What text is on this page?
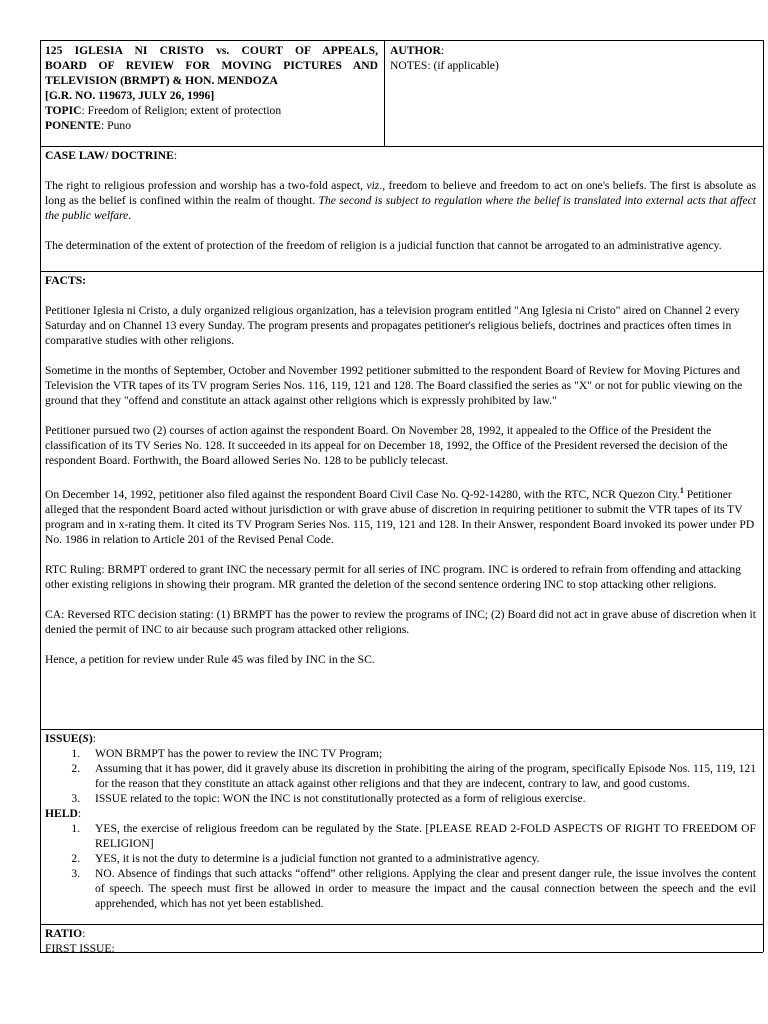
125 IGLESIA NI CRISTO vs. COURT OF APPEALS,

BOARD OF REVIEW FOR MOVING PICTURES AND

TELEVISION (BRMPT) & HON. MENDOZA

[G.R. NO. 119673, JULY 26, 1996]

TOPIC: Freedom of Religion; extent of protection

PONENTE: Puno

AUTHOR:

NOTES: (if applicable)

CASE LAW/ DOCTRINE:

The right to religious profession and worship has a two-fold aspect, viz., freedom to believe and freedom to act on one's beliefs. The first is absolute as long as the belief is confined within the realm of thought. The second is subject to regulation where the belief is translated into external acts that affect the public welfare.

The determination of the extent of protection of the freedom of religion is a judicial function that cannot be arrogated to an administrative agency.

FACTS:

Petitioner Iglesia ni Cristo, a duly organized religious organization, has a television program entitled "Ang Iglesia ni Cristo" aired on Channel 2 every Saturday and on Channel 13 every Sunday. The program presents and propagates petitioner's religious beliefs, doctrines and practices often times in comparative studies with other religions.

Sometime in the months of September, October and November 1992 petitioner submitted to the respondent Board of Review for Moving Pictures and Television the VTR tapes of its TV program Series Nos. 116, 119, 121 and 128. The Board classified the series as "X" or not for public viewing on the ground that they "offend and constitute an attack against other religions which is expressly prohibited by law."

Petitioner pursued two (2) courses of action against the respondent Board. On November 28, 1992, it appealed to the Office of the President the classification of its TV Series No. 128. It succeeded in its appeal for on December 18, 1992, the Office of the President reversed the decision of the respondent Board. Forthwith, the Board allowed Series No. 128 to be publicly telecast.

On December 14, 1992, petitioner also filed against the respondent Board Civil Case No. Q-92-14280, with the RTC, NCR Quezon City.$^1$ Petitioner alleged that the respondent Board acted without jurisdiction or with grave abuse of discretion in requiring petitioner to submit the VTR tapes of its TV program and in x-rating them. It cited its TV Program Series Nos. 115, 119, 121 and 128. In their Answer, respondent Board invoked its power under PD No. 1986 in relation to Article 201 of the Revised Penal Code.

RTC Ruling: BRMPT ordered to grant INC the necessary permit for all series of INC program. INC is ordered to refrain from offending and attacking other existing religions in showing their program. MR granted the deletion of the second sentence ordering INC to stop attacking other religions.

CA: Reversed RTC decision stating: (1) BRMPT has the power to review the programs of INC; (2) Board did not act in grave abuse of discretion when it denied the permit of INC to air because such program attacked other religions.

Hence, a petition for review under Rule 45 was filed by INC in the SC.

ISSUE(S):

1. WON BRMPT has the power to review the INC TV Program;
2. Assuming that it has power, did it gravely abuse its discretion in prohibiting the airing of the program, specifically Episode Nos. 115, 119, 121 for the reason that they constitute an attack against other religions and that they are indecent, contrary to law, and good customs.
3. ISSUE related to the topic: WON the INC is not constitutionally protected as a form of religious exercise.

HELD:

1. YES, the exercise of religious freedom can be regulated by the State. [PLEASE READ 2-FOLD ASPECTS OF RIGHT TO FREEDOM OF RELIGION]
2. YES, it is not the duty to determine is a judicial function not granted to a administrative agency.
3. NO. Absence of findings that such attacks “offend” other religions. Applying the clear and present danger rule, the issue involves the content of speech. The speech must first be allowed in order to measure the impact and the causal connection between the speech and the evil apprehended, which has not yet been established.

RATIO:

FIRST ISSUE:
